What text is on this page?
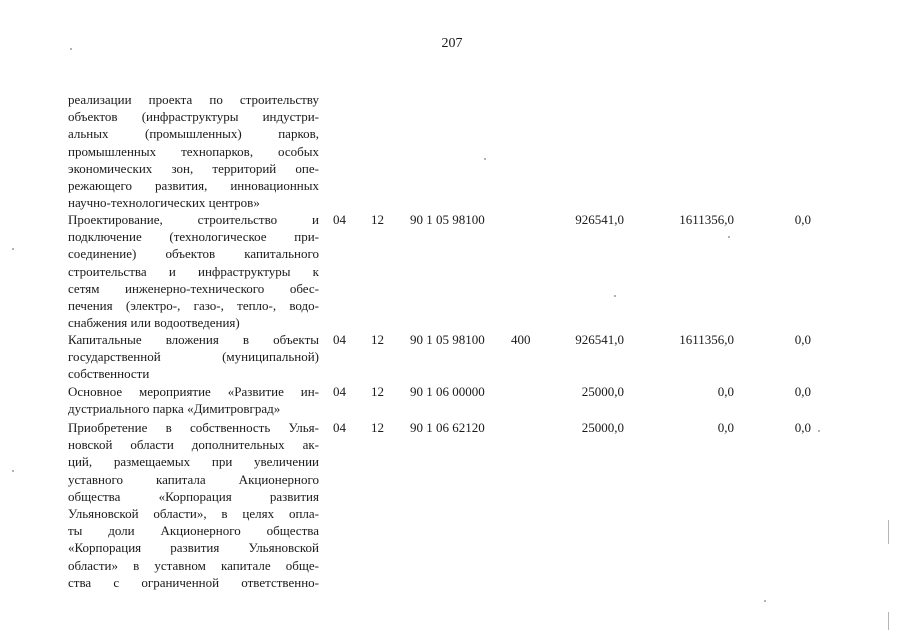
207
реализации проекта по строительству
объектов (инфраструктуры индустри-
альных (промышленных) парков,
промышленных технопарков, особых
экономических зон, территорий опе-
режающего развития, инновационных
научно-технологических центров»
Проектирование, строительство и
подключение (технологическое при-
соединение) объектов капитального
строительства и инфраструктуры к
сетям инженерно-технического обес-
печения (электро-, газо-, тепло-, водо-
снабжения или водоотведения)
04 12 90 1 05 98100	926541,0	1611356,0	0,0
Капитальные вложения в объекты
государственной (муниципальной)
собственности
04 12 90 1 05 98100 400	926541,0	1611356,0	0,0
Основное мероприятие «Развитие ин-
дустриального парка «Димитровград»
04 12 90 1 06 00000	25000,0	0,0	0,0
Приобретение в собственность Улья-
новской области дополнительных ак-
ций, размещаемых при увеличении
уставного капитала Акционерного
общества «Корпорация развития
Ульяновской области», в целях опла-
ты доли Акционерного общества
«Корпорация развития Ульяновской
области» в уставном капитале обще-
ства с ограниченной ответственно-
04 12 90 1 06 62120	25000,0	0,0	0,0
